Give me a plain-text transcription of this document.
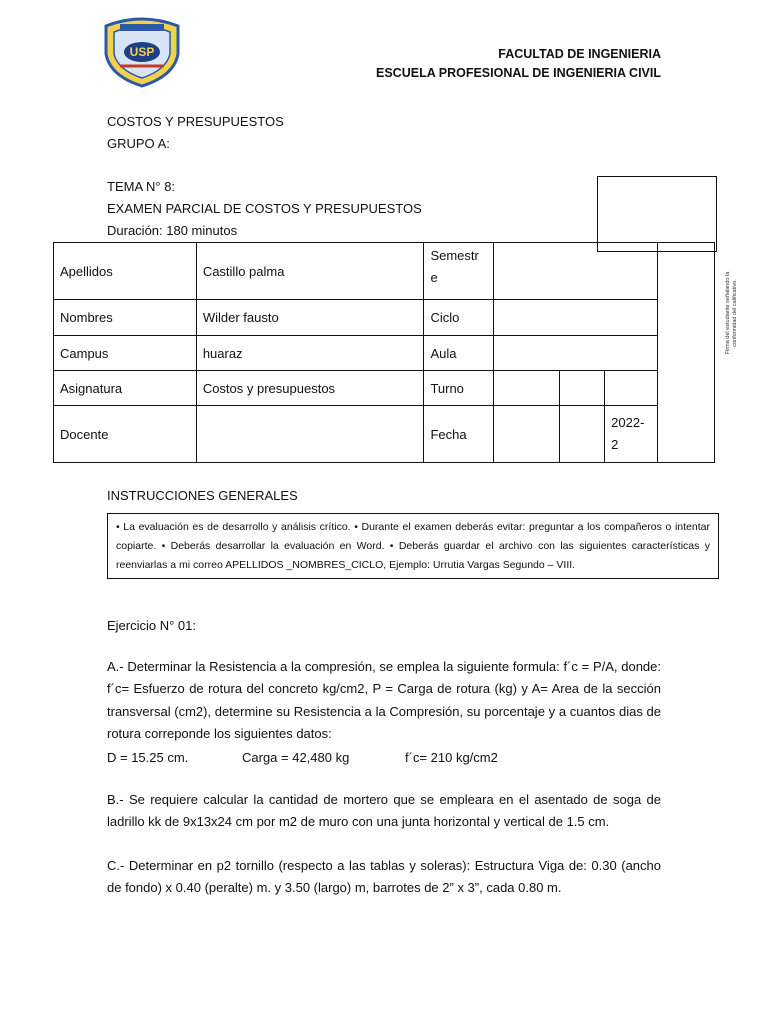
USP	FACULTAD DE INGENIERIA
ESCUELA PROFESIONAL DE INGENIERIA CIVIL
COSTOS Y PRESUPUESTOS
GRUPO A:
TEMA N° 8:
EXAMEN PARCIAL DE COSTOS Y PRESUPUESTOS
Duración: 180 minutos
Firma del estudiante señalando la conformidad del calificativo.
Apellidos	Castillo palma	Semestr e				
Nombres	Wilder fausto	Ciclo				
Campus	huaraz	Aula				
Asignatura	Costos y presupuestos	Turno				
Docente		Fecha			2022- 2	
INSTRUCCIONES GENERALES
• La evaluación es de desarrollo y análisis crítico. • Durante el examen deberás evitar: preguntar a los compañeros o intentar copiarte. • Deberás desarrollar la evaluación en Word. • Deberás guardar el archivo con las siguientes características y reenviarlas a mi correo APELLIDOS _NOMBRES_CICLO, Ejemplo: Urrutia Vargas Segundo – VIII.
Ejercicio N° 01:
A.- Determinar la Resistencia a la compresión, se emplea la siguiente formula: f´c = P/A, donde: f´c= Esfuerzo de rotura del concreto kg/cm2, P = Carga de rotura (kg) y A= Area de la sección transversal (cm2), determine su Resistencia a la Compresión, su porcentaje y a cuantos dias de rotura correponde los siguientes datos:
D = 15.25 cm.	Carga = 42,480 kg	f´c= 210 kg/cm2
B.- Se requiere calcular la cantidad de mortero que se empleara en el asentado de soga de ladrillo kk de 9x13x24 cm por m2 de muro con una junta horizontal y vertical de 1.5 cm.
C.- Determinar en p2 tornillo (respecto a las tablas y soleras): Estructura Viga de: 0.30 (ancho de fondo) x 0.40 (peralte) m. y 3.50 (largo) m, barrotes de 2” x 3”, cada 0.80 m.
